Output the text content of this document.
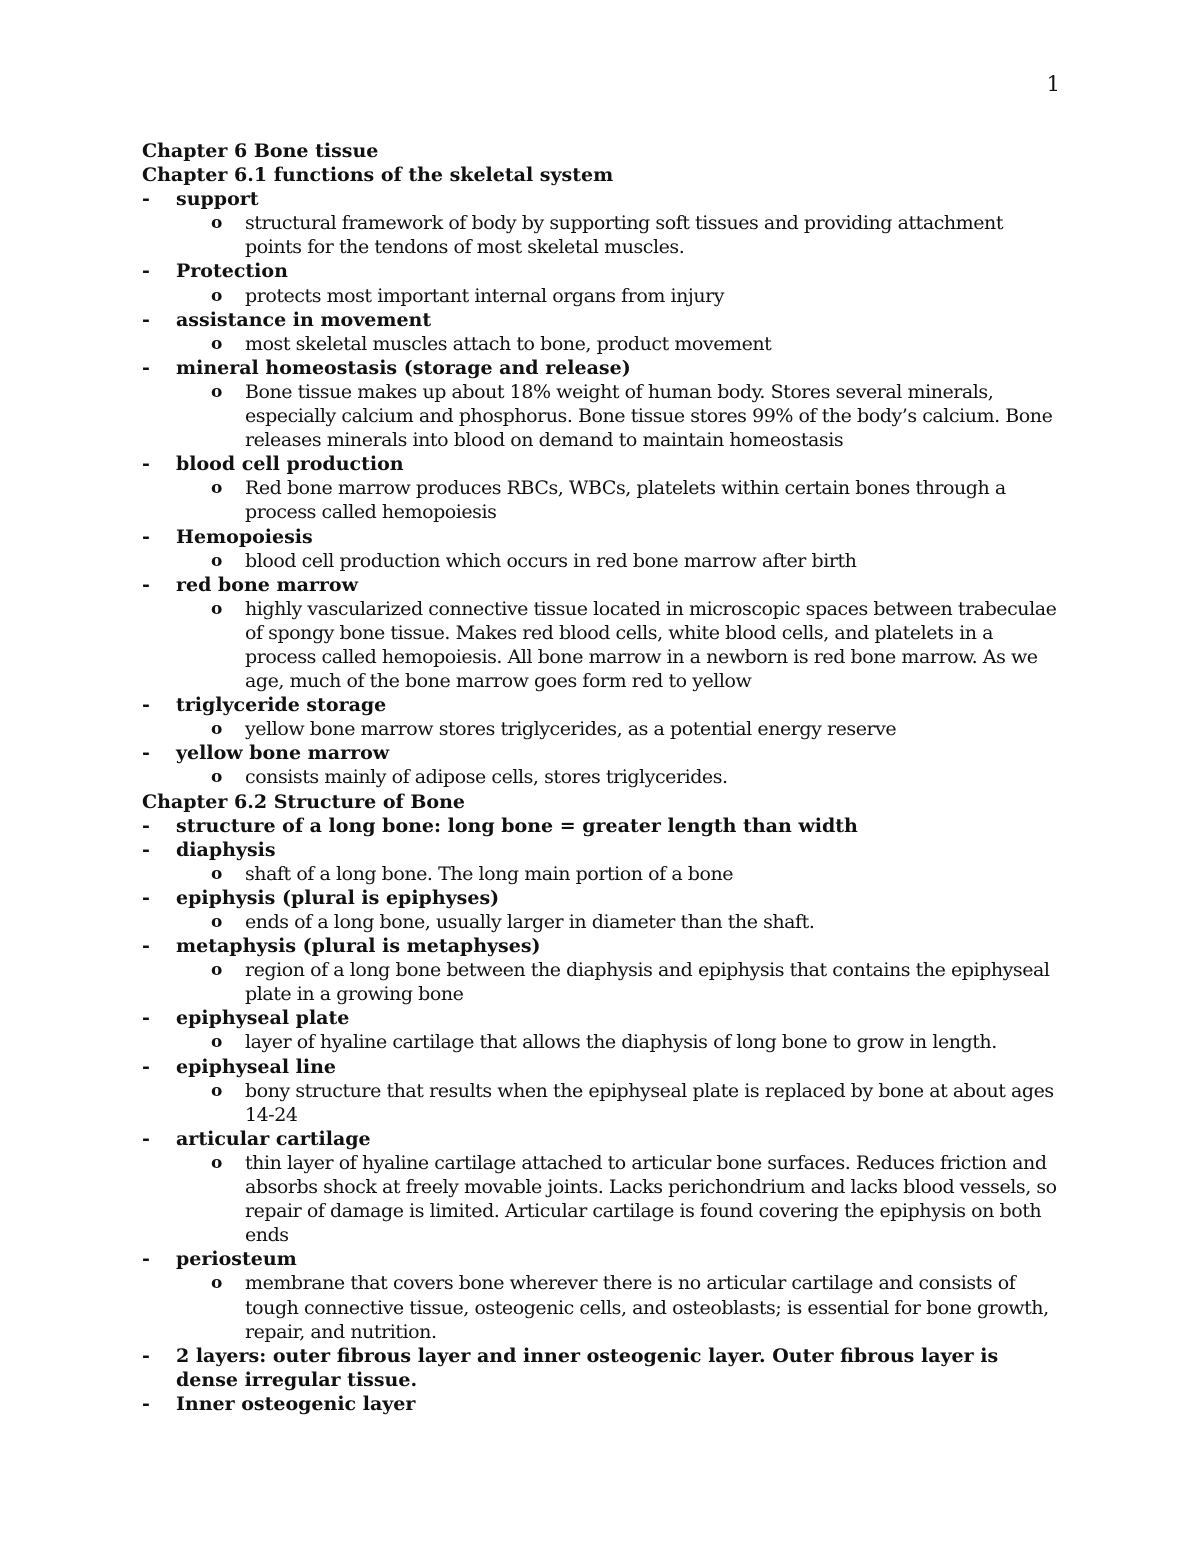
1
Chapter 6 Bone tissue
Chapter 6.1 functions of the skeletal system
-	support
o structural framework of body by supporting soft tissues and providing attachment points for the tendons of most skeletal muscles.
-	Protection
o protects most important internal organs from injury
-	assistance in movement
o most skeletal muscles attach to bone, product movement
-	mineral homeostasis (storage and release)
o Bone tissue makes up about 18% weight of human body. Stores several minerals, especially calcium and phosphorus. Bone tissue stores 99% of the body’s calcium. Bone releases minerals into blood on demand to maintain homeostasis
-	blood cell production
o Red bone marrow produces RBCs, WBCs, platelets within certain bones through a process called hemopoiesis
-	Hemopoiesis
o blood cell production which occurs in red bone marrow after birth
-	red bone marrow
o highly vascularized connective tissue located in microscopic spaces between trabeculae of spongy bone tissue. Makes red blood cells, white blood cells, and platelets in a process called hemopoiesis. All bone marrow in a newborn is red bone marrow. As we age, much of the bone marrow goes form red to yellow
-	triglyceride storage
o yellow bone marrow stores triglycerides, as a potential energy reserve
-	yellow bone marrow
o consists mainly of adipose cells, stores triglycerides.
Chapter 6.2 Structure of Bone
-	structure of a long bone: long bone = greater length than width
-	diaphysis
o shaft of a long bone. The long main portion of a bone
-	epiphysis (plural is epiphyses)
o ends of a long bone, usually larger in diameter than the shaft.
-	metaphysis (plural is metaphyses)
o region of a long bone between the diaphysis and epiphysis that contains the epiphyseal plate in a growing bone
-	epiphyseal plate
o layer of hyaline cartilage that allows the diaphysis of long bone to grow in length.
-	epiphyseal line
o bony structure that results when the epiphyseal plate is replaced by bone at about ages 14-24
-	articular cartilage
o thin layer of hyaline cartilage attached to articular bone surfaces. Reduces friction and absorbs shock at freely movable joints. Lacks perichondrium and lacks blood vessels, so repair of damage is limited. Articular cartilage is found covering the epiphysis on both ends
-	periosteum
o membrane that covers bone wherever there is no articular cartilage and consists of tough connective tissue, osteogenic cells, and osteoblasts; is essential for bone growth, repair, and nutrition.
-	2 layers: outer fibrous layer and inner osteogenic layer. Outer fibrous layer is dense irregular tissue.
-	Inner osteogenic layer
